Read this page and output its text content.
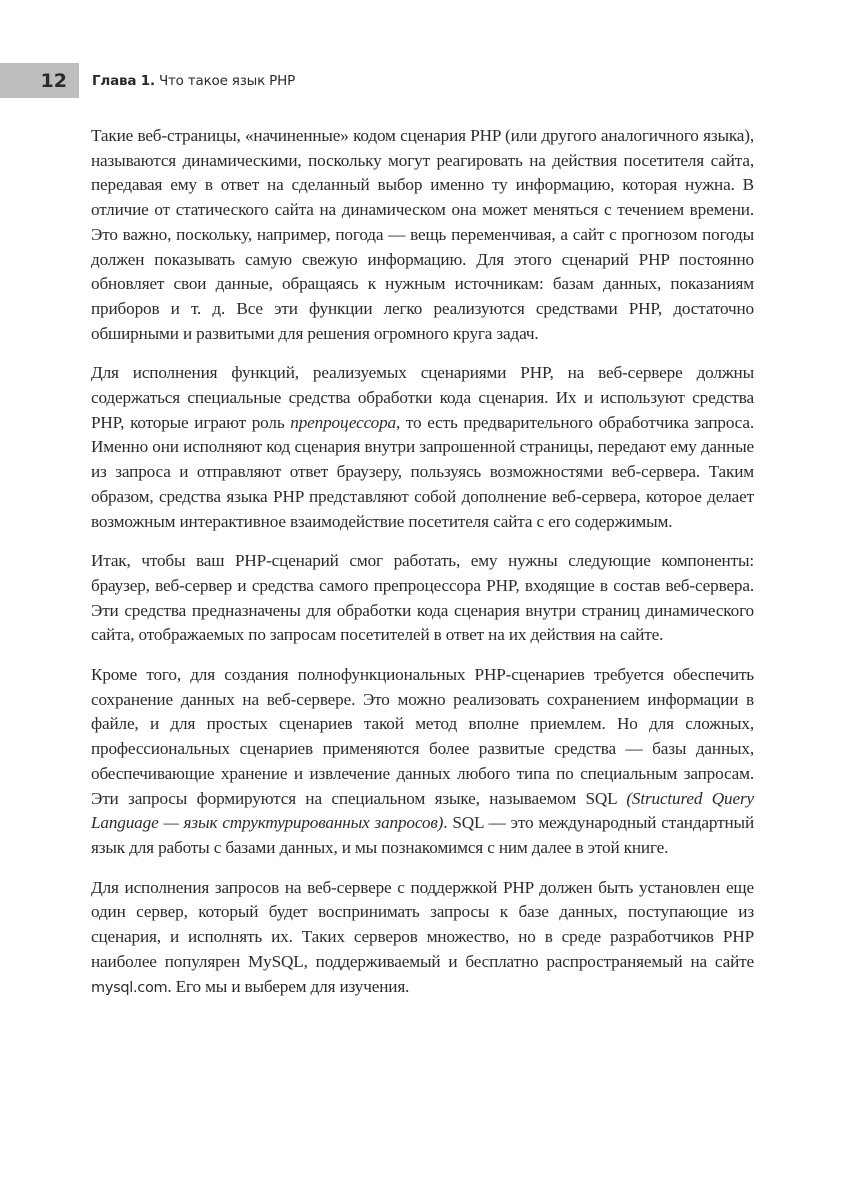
12	Глава 1. Что такое язык PHP

Такие веб-страницы, «начиненные» кодом сценария PHP (или другого аналогичного языка), называются динамическими, поскольку могут реагировать на действия посетителя сайта, передавая ему в ответ на сделанный выбор именно ту информацию, которая нужна. В отличие от статического сайта на динамическом она может меняться с течением времени. Это важно, поскольку, например, погода — вещь переменчивая, а сайт с прогнозом погоды должен показывать самую свежую информацию. Для этого сценарий PHP постоянно обновляет свои данные, обращаясь к нужным источникам: базам данных, показаниям приборов и т. д. Все эти функции легко реализуются средствами PHP, достаточно обширными и развитыми для решения огромного круга задач.

Для исполнения функций, реализуемых сценариями PHP, на веб-сервере должны содержаться специальные средства обработки кода сценария. Их и используют средства PHP, которые играют роль препроцессора, то есть предварительного обработчика запроса. Именно они исполняют код сценария внутри запрошенной страницы, передают ему данные из запроса и отправляют ответ браузеру, пользуясь возможностями веб-сервера. Таким образом, средства языка PHP представляют собой дополнение веб-сервера, которое делает возможным интерактивное взаимодействие посетителя сайта с его содержимым.

Итак, чтобы ваш PHP-сценарий смог работать, ему нужны следующие компоненты: браузер, веб-сервер и средства самого препроцессора PHP, входящие в состав веб-сервера. Эти средства предназначены для обработки кода сценария внутри страниц динамического сайта, отображаемых по запросам посетителей в ответ на их действия на сайте.

Кроме того, для создания полнофункциональных PHP-сценариев требуется обеспечить сохранение данных на веб-сервере. Это можно реализовать сохранением информации в файле, и для простых сценариев такой метод вполне приемлем. Но для сложных, профессиональных сценариев применяются более развитые средства — базы данных, обеспечивающие хранение и извлечение данных любого типа по специальным запросам. Эти запросы формируются на специальном языке, называемом SQL (Structured Query Language — язык структурированных запросов). SQL — это международный стандартный язык для работы с базами данных, и мы познакомимся с ним далее в этой книге.

Для исполнения запросов на веб-сервере с поддержкой PHP должен быть установлен еще один сервер, который будет воспринимать запросы к базе данных, поступающие из сценария, и исполнять их. Таких серверов множество, но в среде разработчиков PHP наиболее популярен MySQL, поддерживаемый и бесплатно распространяемый на сайте mysql.com. Его мы и выберем для изучения.
